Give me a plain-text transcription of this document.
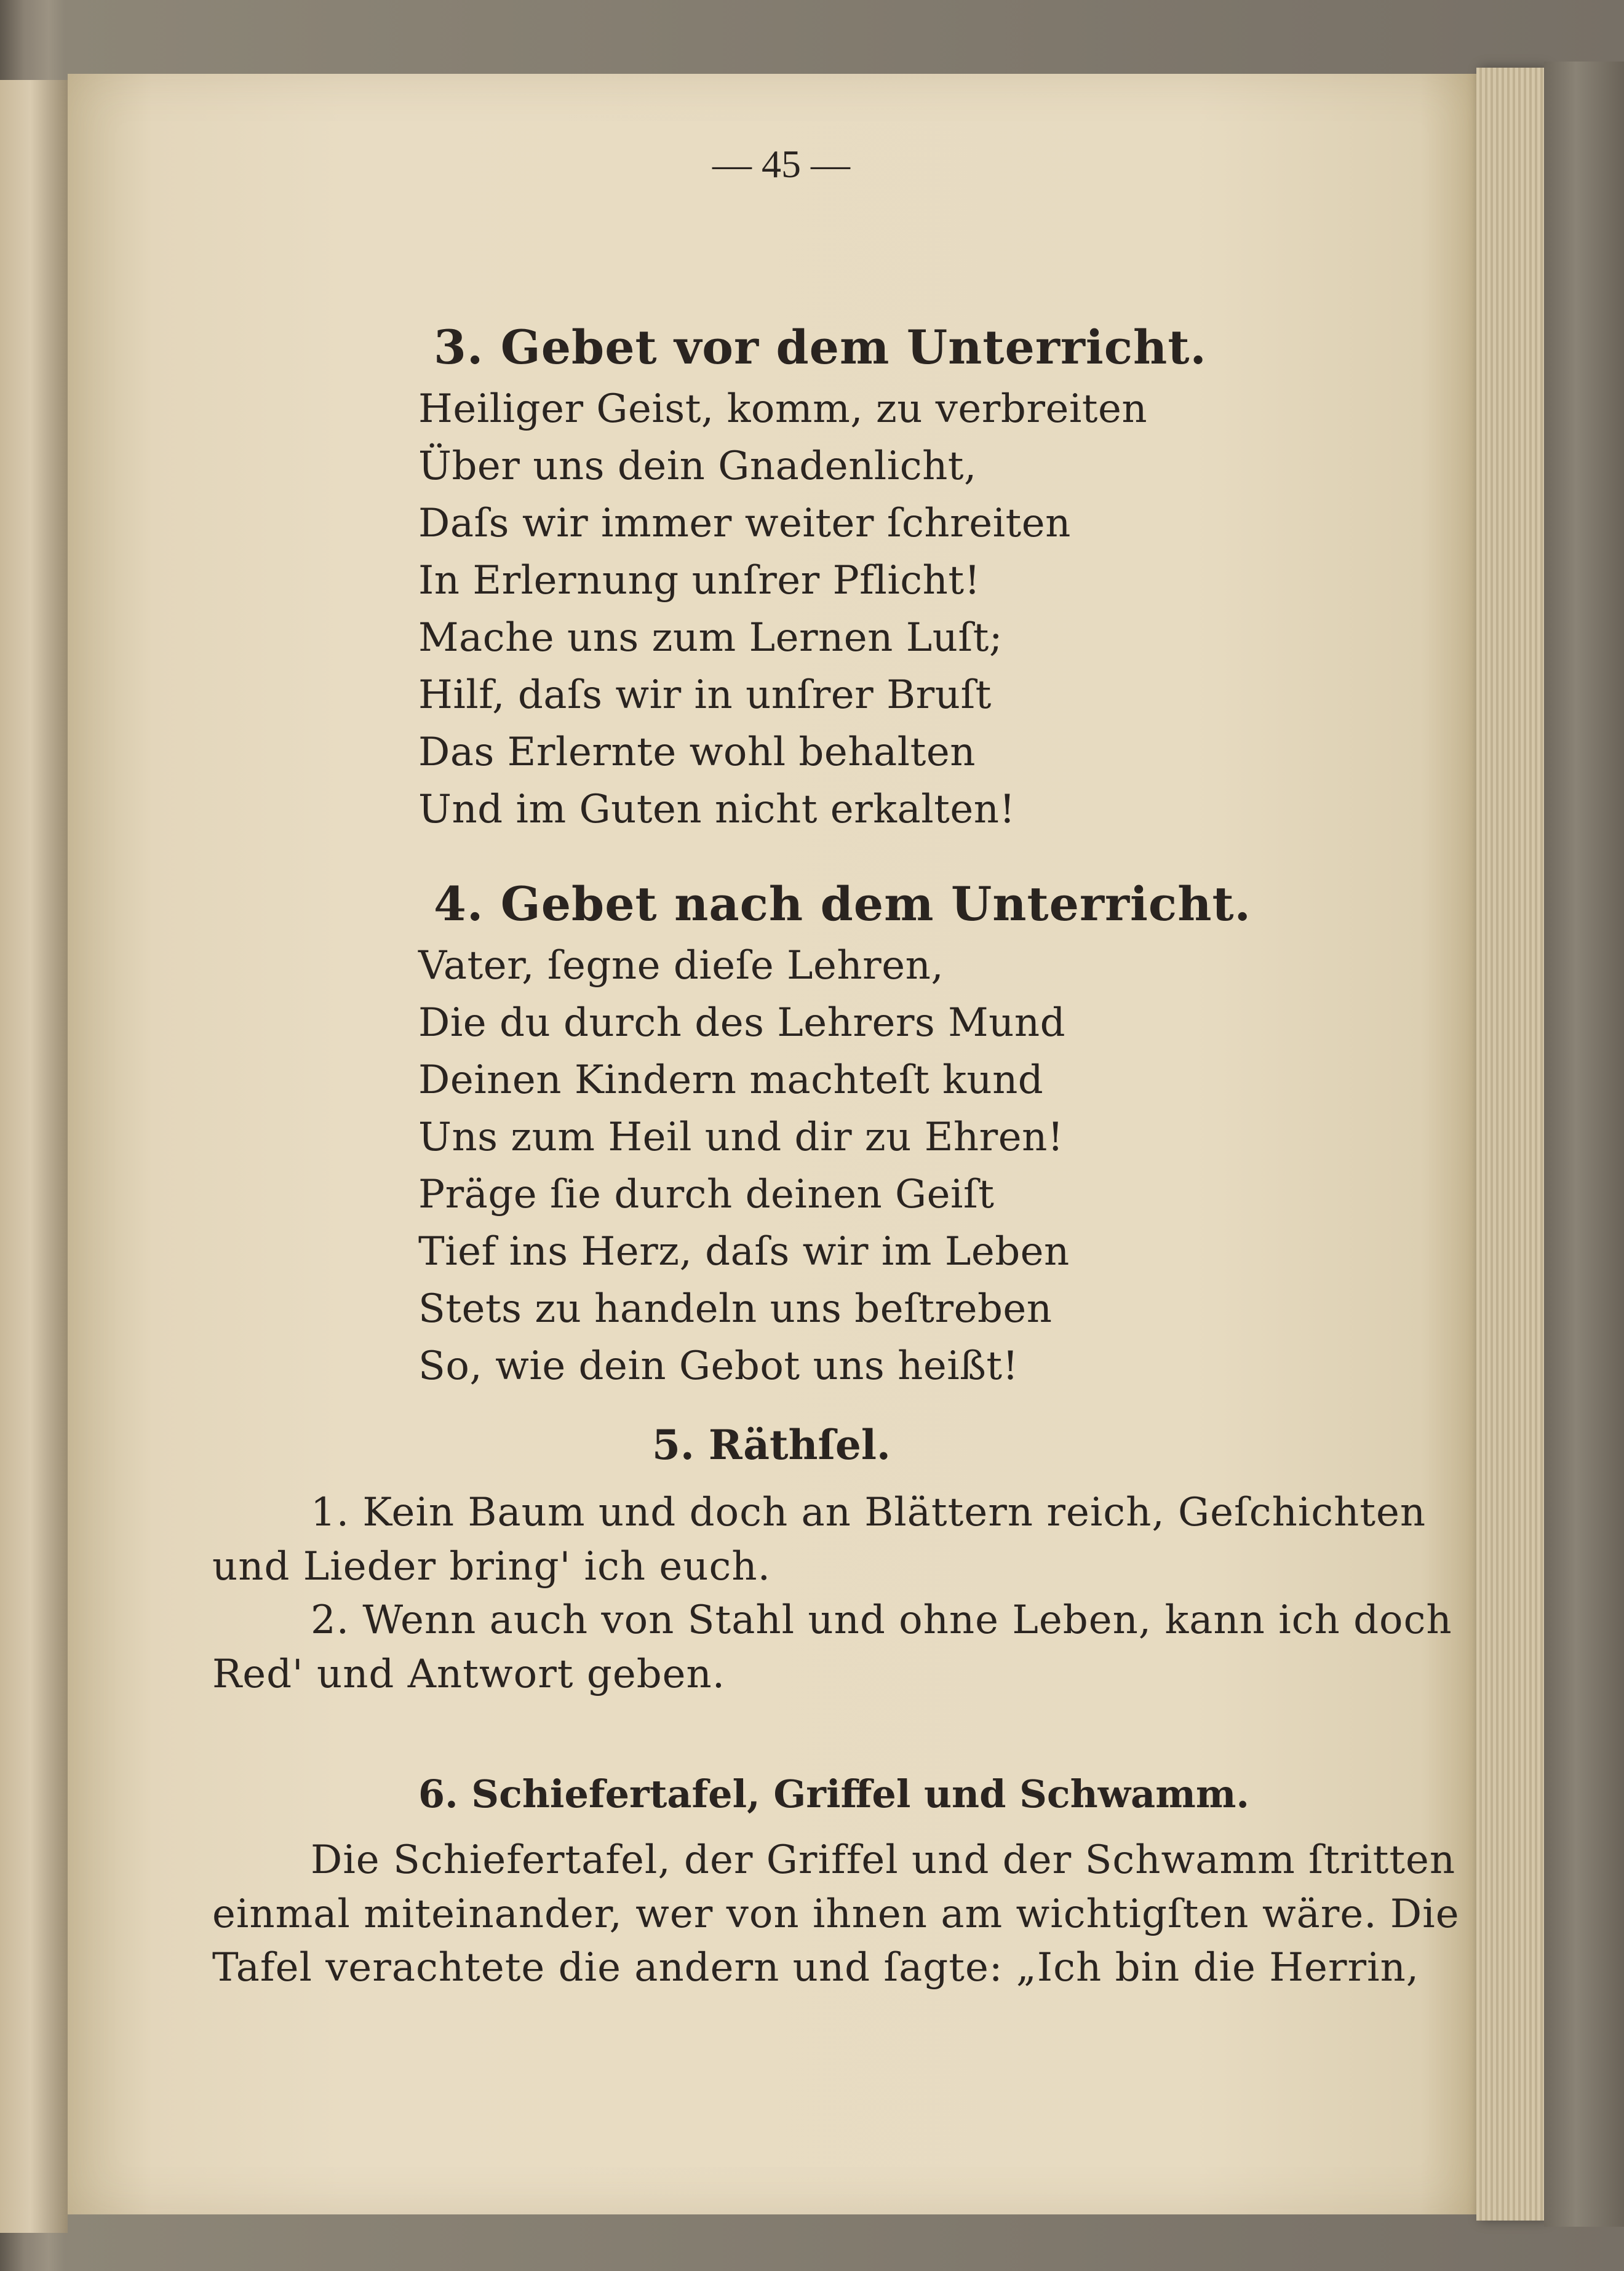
— 45 —
3. Gebet vor dem Unterricht.
Heiliger Geist, komm, zu verbreiten
Über uns dein Gnadenlicht,
Daſs wir immer weiter ſchreiten
In Erlernung unſrer Pflicht!
Mache uns zum Lernen Luſt;
Hilf, daſs wir in unſrer Bruſt
Das Erlernte wohl behalten
Und im Guten nicht erkalten!
4. Gebet nach dem Unterricht.
Vater, ſegne dieſe Lehren,
Die du durch des Lehrers Mund
Deinen Kindern machteſt kund
Uns zum Heil und dir zu Ehren!
Präge ſie durch deinen Geiſt
Tief ins Herz, daſs wir im Leben
Stets zu handeln uns beſtreben
So, wie dein Gebot uns heißt!
5. Räthſel.
1. Kein Baum und doch an Blättern reich, Geſchichten
und Lieder bring' ich euch.
2. Wenn auch von Stahl und ohne Leben, kann ich doch
Red' und Antwort geben.
6. Schiefertafel, Griffel und Schwamm.
Die Schiefertafel, der Griffel und der Schwamm ſtritten
einmal miteinander, wer von ihnen am wichtigſten wäre. Die
Tafel verachtete die andern und ſagte: „Ich bin die Herrin,
